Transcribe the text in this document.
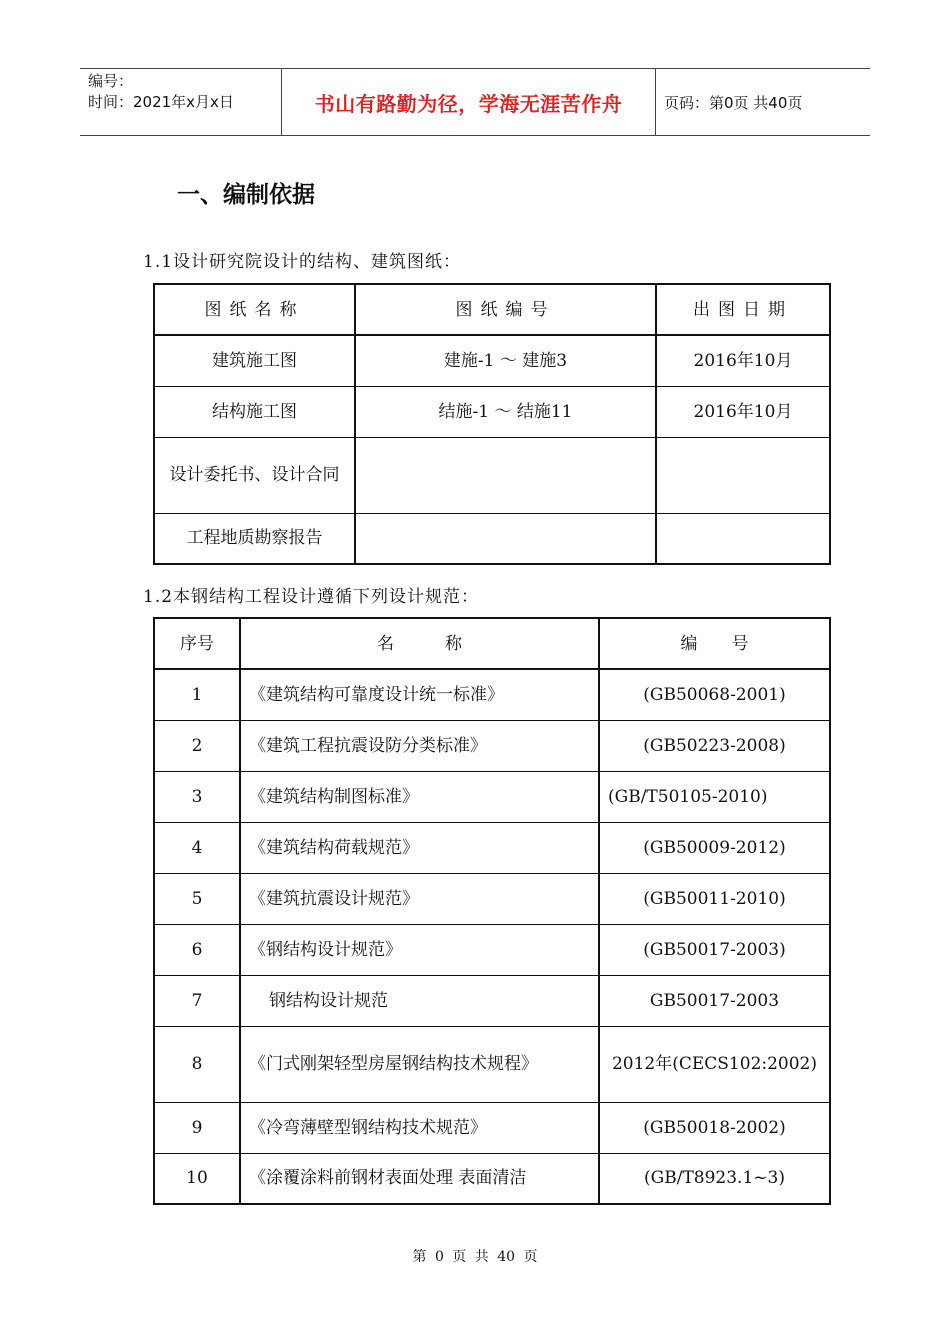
编号：
时间：2021年x月x日	书山有路勤为径，学海无涯苦作舟	页码：第0页 共40页
一、编制依据
1.1设计研究院设计的结构、建筑图纸：
图纸名称	图纸编号	出图日期
建筑施工图	建施-1 ～ 建施3	2016年10月
结构施工图	结施-1 ～ 结施11	2016年10月
设计委托书、设计合同		
工程地质勘察报告		
1.2本钢结构工程设计遵循下列设计规范：
序号	名　　　称	编　　号
1	《建筑结构可靠度设计统一标准》	(GB50068-2001)
2	《建筑工程抗震设防分类标准》	(GB50223-2008)
3	《建筑结构制图标准》	(GB/T50105-2010)
4	《建筑结构荷载规范》	(GB50009-2012)
5	《建筑抗震设计规范》	(GB50011-2010)
6	《钢结构设计规范》	(GB50017-2003)
7	钢结构设计规范	GB50017-2003
8	《门式刚架轻型房屋钢结构技术规程》	2012年(CECS102:2002)
9	《冷弯薄壁型钢结构技术规范》	(GB50018-2002)
10	《涂覆涂料前钢材表面处理 表面清洁	(GB/T8923.1~3)
第 0 页 共 40 页
